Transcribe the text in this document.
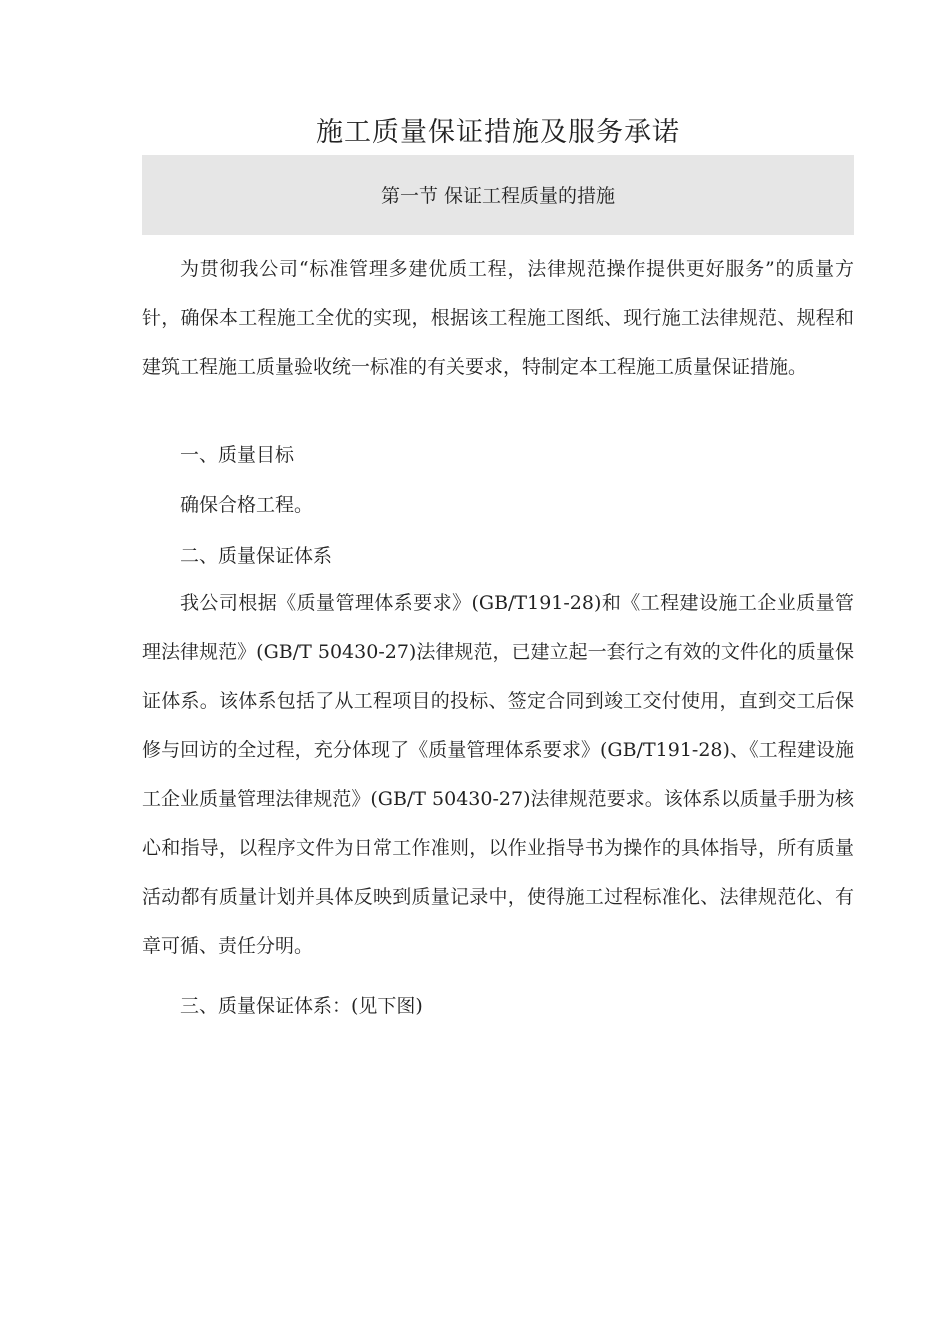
施工质量保证措施及服务承诺
第一节 保证工程质量的措施

为贯彻我公司“标准管理多建优质工程，法律规范操作提供更好服务”的质量方针，确保本工程施工全优的实现，根据该工程施工图纸、现行施工法律规范、规程和建筑工程施工质量验收统一标准的有关要求，特制定本工程施工质量保证措施。

一、质量目标

确保合格工程。

二、质量保证体系

我公司根据《质量管理体系要求》(GB/T191-28)和《工程建设施工企业质量管理法律规范》(GB/T 50430-27)法律规范，已建立起一套行之有效的文件化的质量保证体系。该体系包括了从工程项目的投标、签定合同到竣工交付使用，直到交工后保修与回访的全过程，充分体现了《质量管理体系要求》(GB/T191-28)、《工程建设施工企业质量管理法律规范》(GB/T 50430-27)法律规范要求。该体系以质量手册为核心和指导，以程序文件为日常工作准则，以作业指导书为操作的具体指导，所有质量活动都有质量计划并具体反映到质量记录中，使得施工过程标准化、法律规范化、有章可循、责任分明。

三、质量保证体系：(见下图)
